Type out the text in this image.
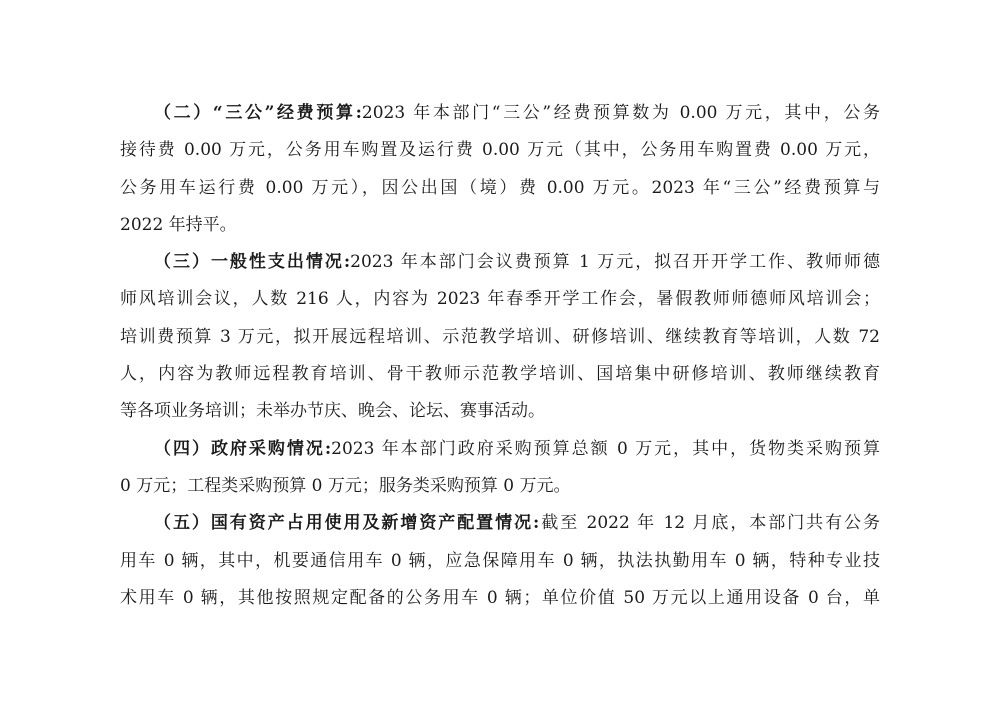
（二）“三公”经费预算:2023 年本部门“三公”经费预算数为 0.00 万元，其中，公务
接待费 0.00 万元，公务用车购置及运行费 0.00 万元（其中，公务用车购置费 0.00 万元，
公务用车运行费 0.00 万元），因公出国（境）费 0.00 万元。2023 年“三公”经费预算与
2022 年持平。
（三）一般性支出情况:2023 年本部门会议费预算 1 万元，拟召开开学工作、教师师德
师风培训会议，人数 216 人，内容为 2023 年春季开学工作会，暑假教师师德师风培训会；
培训费预算 3 万元，拟开展远程培训、示范教学培训、研修培训、继续教育等培训，人数 72
人，内容为教师远程教育培训、骨干教师示范教学培训、国培集中研修培训、教师继续教育
等各项业务培训；未举办节庆、晚会、论坛、赛事活动。
（四）政府采购情况:2023 年本部门政府采购预算总额 0 万元，其中，货物类采购预算
0 万元；工程类采购预算 0 万元；服务类采购预算 0 万元。
（五）国有资产占用使用及新增资产配置情况:截至 2022 年 12 月底，本部门共有公务
用车 0 辆，其中，机要通信用车 0 辆，应急保障用车 0 辆，执法执勤用车 0 辆，特种专业技
术用车 0 辆，其他按照规定配备的公务用车 0 辆；单位价值 50 万元以上通用设备 0 台，单
